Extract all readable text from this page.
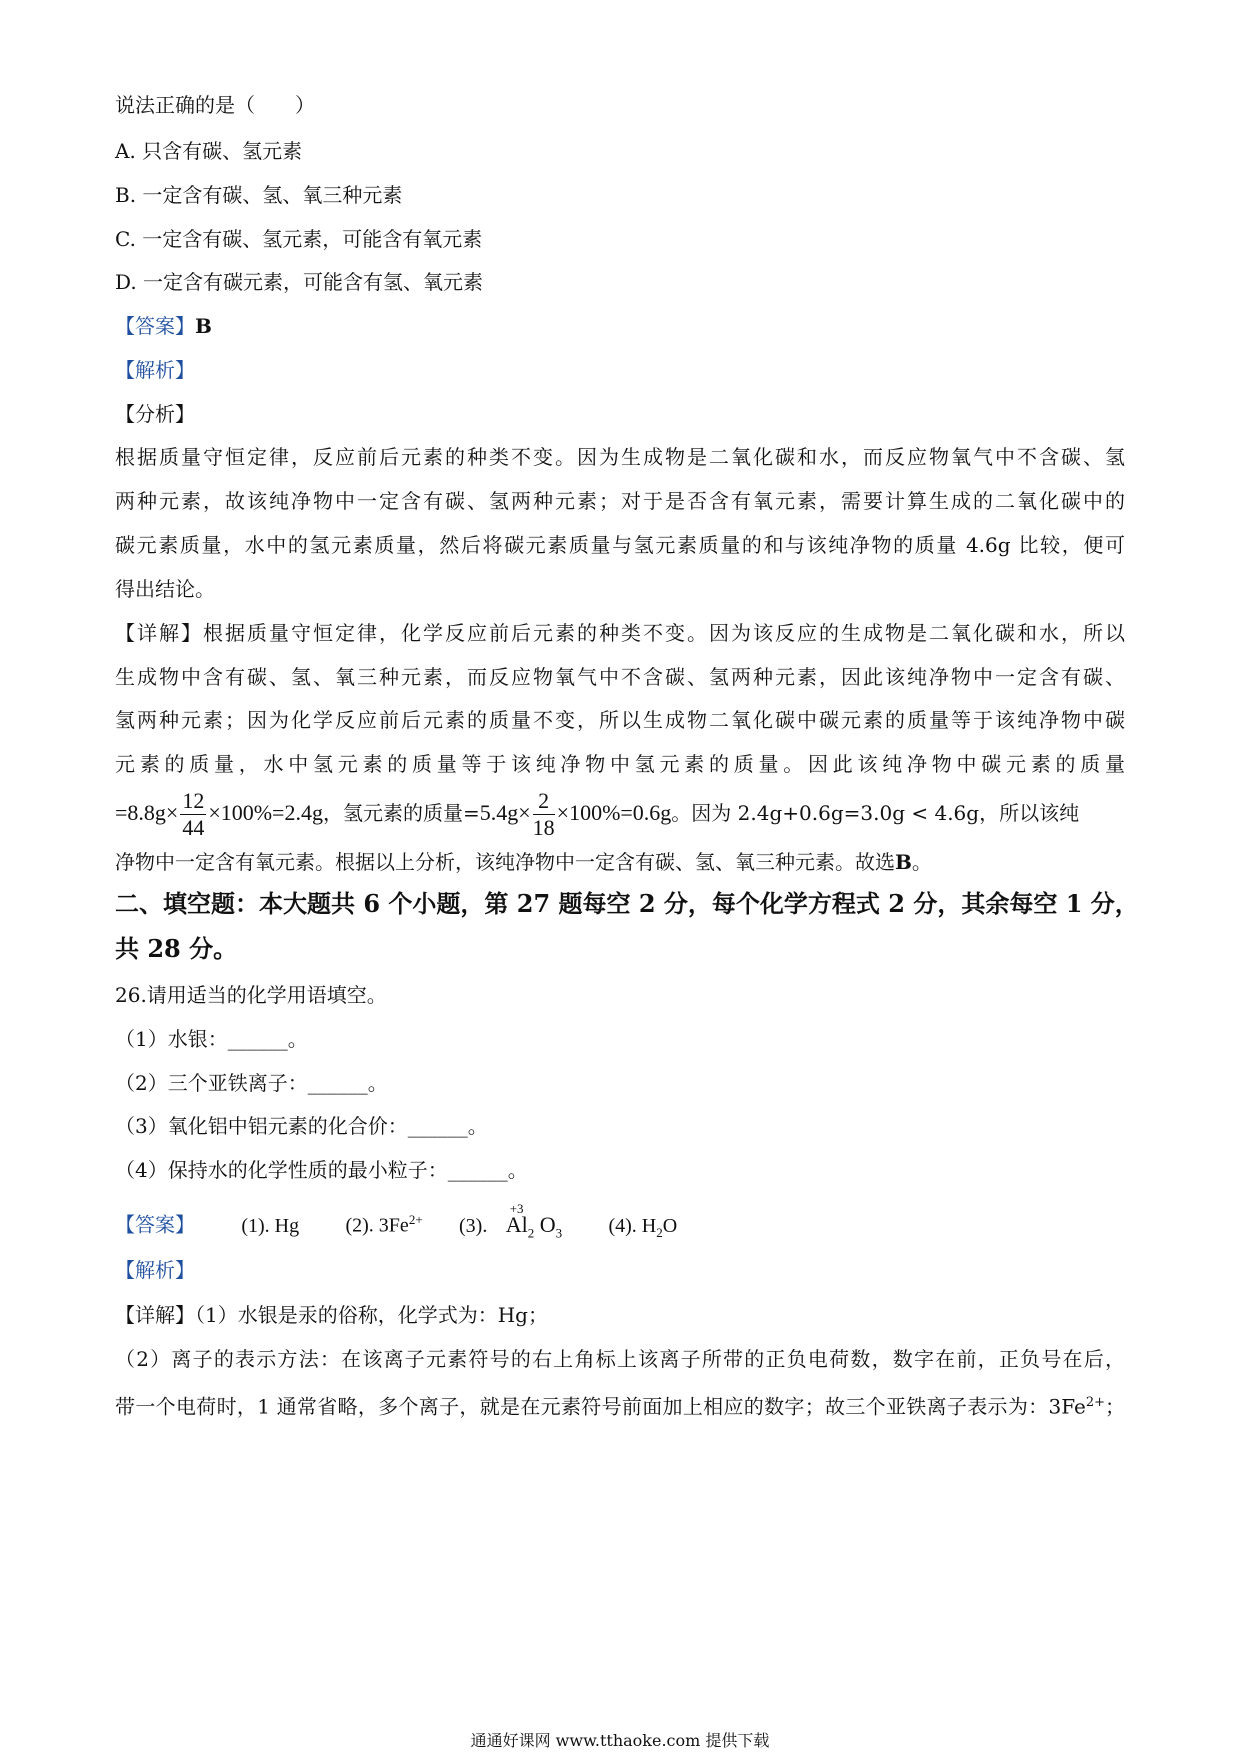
说法正确的是（　　）
A. 只含有碳、氢元素
B. 一定含有碳、氢、氧三种元素
C. 一定含有碳、氢元素，可能含有氧元素
D. 一定含有碳元素，可能含有氢、氧元素
【答案】B
【解析】
【分析】
根据质量守恒定律，反应前后元素的种类不变。因为生成物是二氧化碳和水，而反应物氧气中不含碳、氢
两种元素，故该纯净物中一定含有碳、氢两种元素；对于是否含有氧元素，需要计算生成的二氧化碳中的
碳元素质量，水中的氢元素质量，然后将碳元素质量与氢元素质量的和与该纯净物的质量 4.6g 比较，便可
得出结论。
【详解】根据质量守恒定律，化学反应前后元素的种类不变。因为该反应的生成物是二氧化碳和水，所以
生成物中含有碳、氢、氧三种元素，而反应物氧气中不含碳、氢两种元素，因此该纯净物中一定含有碳、
氢两种元素；因为化学反应前后元素的质量不变，所以生成物二氧化碳中碳元素的质量等于该纯净物中碳
元素的质量，水中氢元素的质量等于该纯净物中氢元素的质量。因此该纯净物中碳元素的质量
$=8.8g\times \frac{12}{44} \times 100\%=2.4g$，氢元素的质量$=5.4g\times \frac{2}{18} \times 100\%=0.6g$。因为 2.4g+0.6g=3.0g < 4.6g，所以该纯
净物中一定含有氧元素。根据以上分析，该纯净物中一定含有碳、氢、氧三种元素。故选B。
二、填空题：本大题共 6 个小题，第 27 题每空 2 分，每个化学方程式 2 分，其余每空 1 分，
共 28 分。
26.请用适当的化学用语填空。
（1）水银：______。
（2）三个亚铁离子：______。
（3）氧化铝中铝元素的化合价：______。
（4）保持水的化学性质的最小粒子：______。
【答案】 (1). Hg (2). $3Fe^{2+}$ (3).
+3
$Al_2$ $O_3$ (4). $H_2O$
【解析】
【详解】（1）水银是汞的俗称，化学式为：Hg；
（2）离子的表示方法：在该离子元素符号的右上角标上该离子所带的正负电荷数，数字在前，正负号在后，
带一个电荷时，1 通常省略，多个离子，就是在元素符号前面加上相应的数字；故三个亚铁离子表示为：$3Fe^{2+}$；
通通好课网 www.tthaoke.com 提供下载
